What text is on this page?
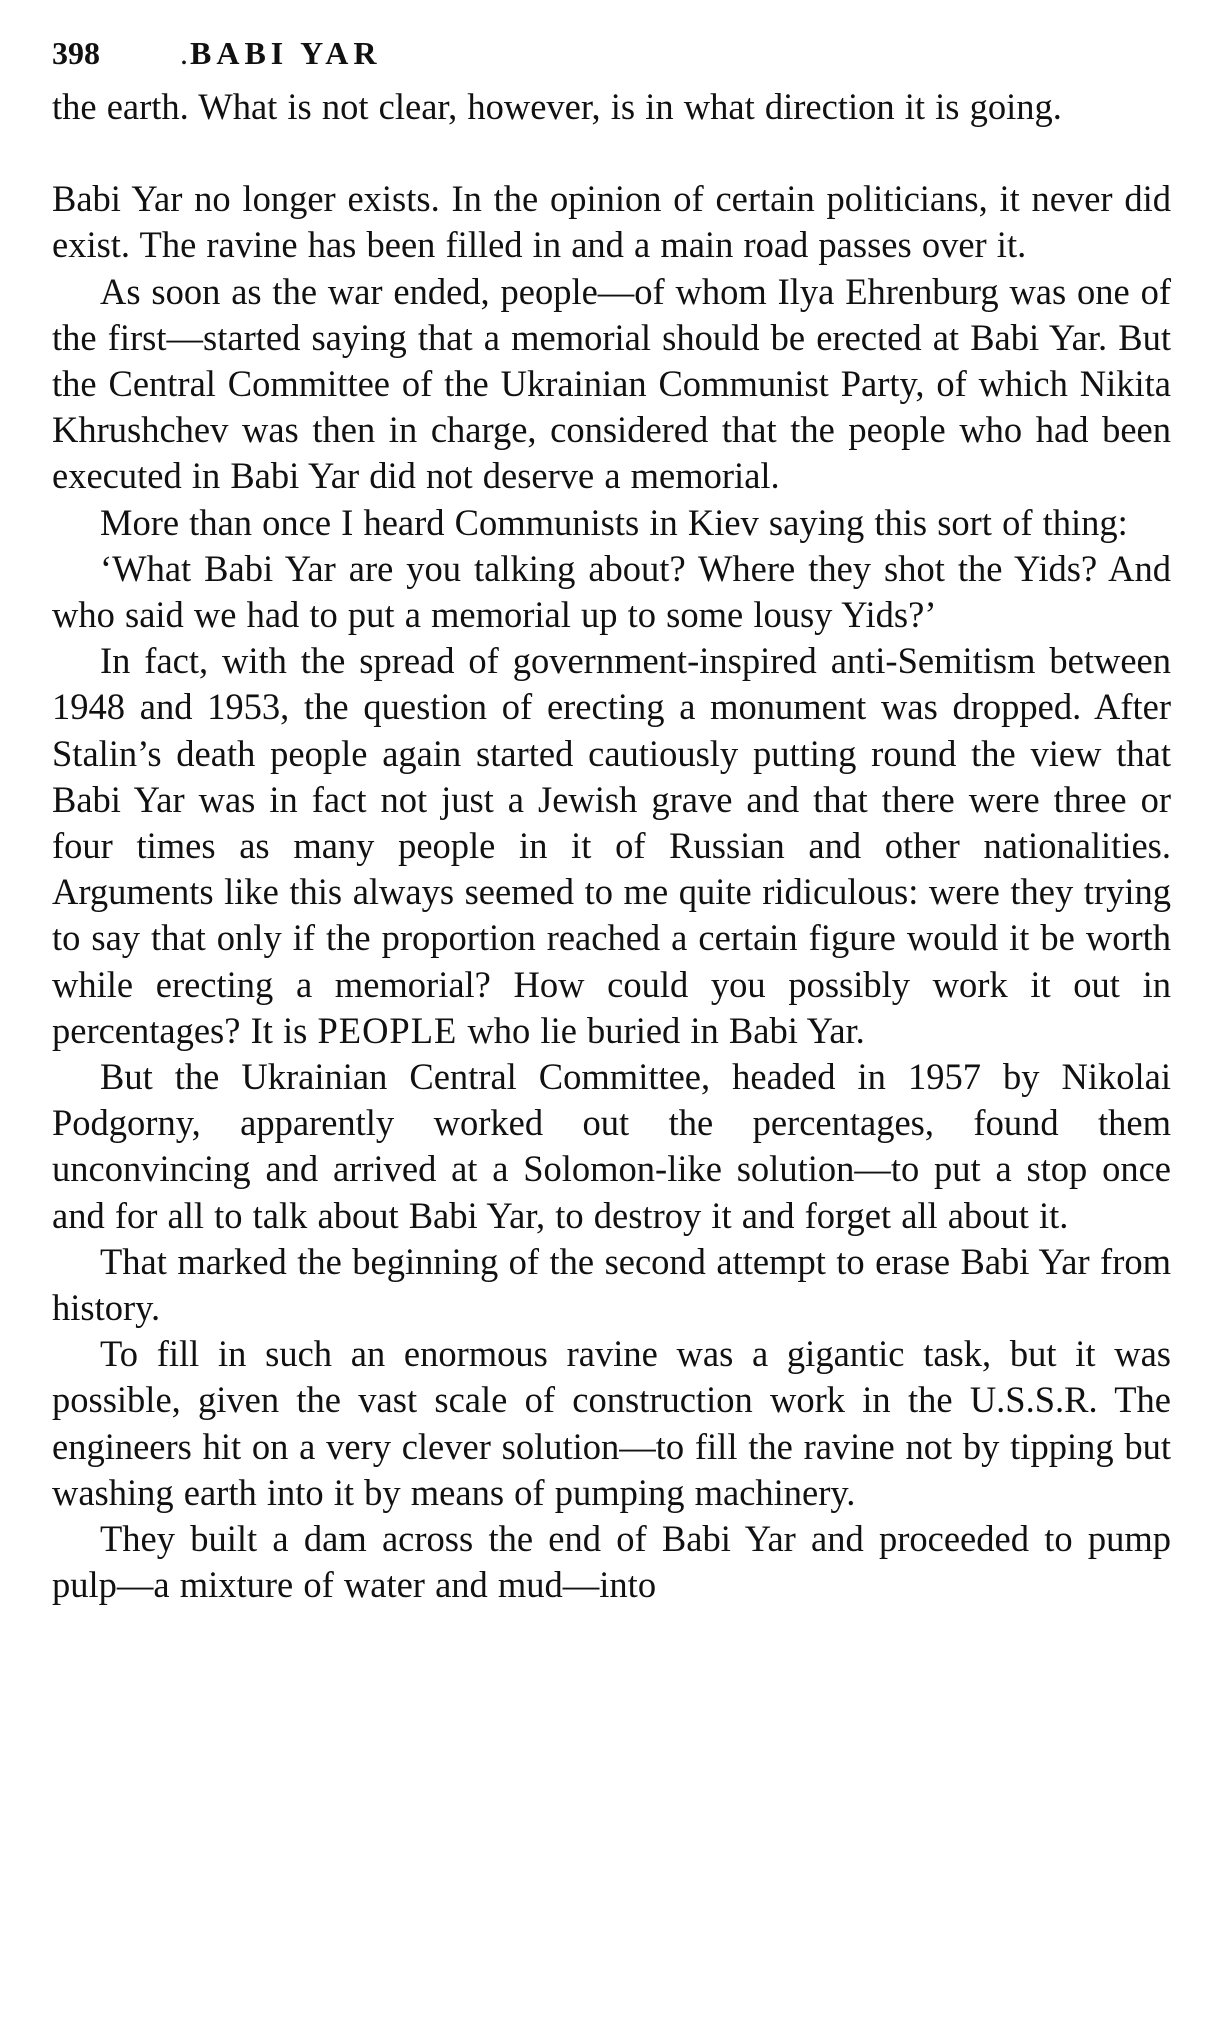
398	.BABI YAR

the earth. What is not clear, however, is in what direction it is going.

Babi Yar no longer exists. In the opinion of certain politicians, it never did exist. The ravine has been filled in and a main road passes over it.

As soon as the war ended, people—of whom Ilya Ehrenburg was one of the first—started saying that a memorial should be erected at Babi Yar. But the Central Committee of the Ukrainian Communist Party, of which Nikita Khrushchev was then in charge, considered that the people who had been executed in Babi Yar did not deserve a memorial.

More than once I heard Communists in Kiev saying this sort of thing:

‘What Babi Yar are you talking about? Where they shot the Yids? And who said we had to put a memorial up to some lousy Yids?’

In fact, with the spread of government-inspired anti-Semitism between 1948 and 1953, the question of erecting a monument was dropped. After Stalin’s death people again started cautiously putting round the view that Babi Yar was in fact not just a Jewish grave and that there were three or four times as many people in it of Russian and other nationalities. Arguments like this always seemed to me quite ridiculous: were they trying to say that only if the proportion reached a certain figure would it be worth while erecting a memorial? How could you possibly work it out in percentages? It is PEOPLE who lie buried in Babi Yar.

But the Ukrainian Central Committee, headed in 1957 by Nikolai Podgorny, apparently worked out the percentages, found them unconvincing and arrived at a Solomon-like solution—to put a stop once and for all to talk about Babi Yar, to destroy it and forget all about it.

That marked the beginning of the second attempt to erase Babi Yar from history.

To fill in such an enormous ravine was a gigantic task, but it was possible, given the vast scale of construction work in the U.S.S.R. The engineers hit on a very clever solution—to fill the ravine not by tipping but washing earth into it by means of pumping machinery.

They built a dam across the end of Babi Yar and proceeded to pump pulp—a mixture of water and mud—into
